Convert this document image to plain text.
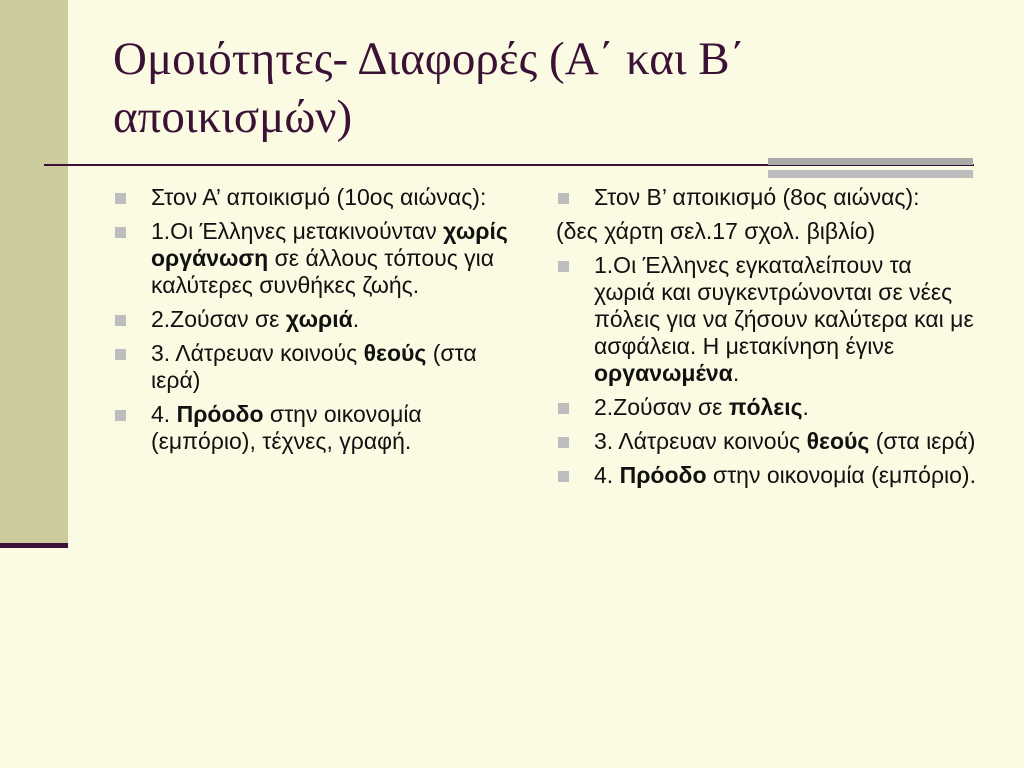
Ομοιότητες- Διαφορές (Α΄ και Β΄ αποικισμών)
Στον Α’ αποικισμό (10ος αιώνας):
1.Οι Έλληνες μετακινούνταν χωρίς οργάνωση σε άλλους τόπους για καλύτερες συνθήκες ζωής.
2.Ζούσαν σε χωριά.
3. Λάτρευαν κοινούς θεούς (στα ιερά)
4. Πρόοδο στην οικονομία (εμπόριο), τέχνες, γραφή.
Στον Β’ αποικισμό (8ος αιώνας):
(δες χάρτη σελ.17 σχολ. βιβλίο)
1.Οι Έλληνες εγκαταλείπουν τα χωριά και συγκεντρώνονται σε νέες πόλεις για να ζήσουν καλύτερα και με ασφάλεια. Η μετακίνηση έγινε οργανωμένα.
2.Ζούσαν σε πόλεις.
3. Λάτρευαν κοινούς θεούς (στα ιερά)
4. Πρόοδο στην οικονομία (εμπόριο).
